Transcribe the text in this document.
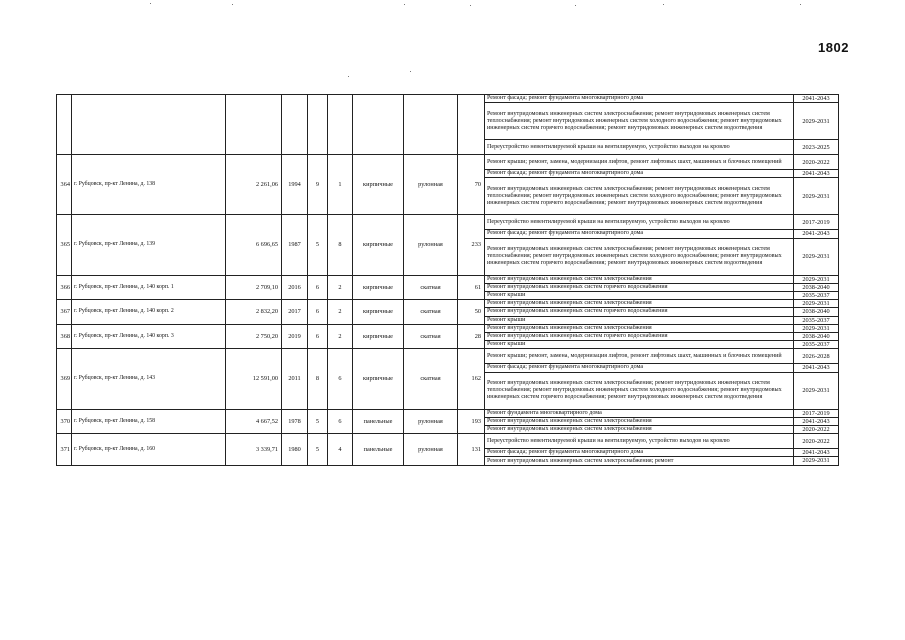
1802
									Ремонт фасада; ремонт фундамента многоквартирного дома	2041-2043
									Ремонт внутридомовых инженерных систем электроснабжения; ремонт внутридомовых инженерных систем теплоснабжения; ремонт внутридомовых инженерных систем холодного водоснабжения; ремонт внутридомовых инженерных систем горячего водоснабжения; ремонт внутридомовых инженерных систем водоотведения	2029-2031
									Переустройство невентилируемой крыши на вентилируемую, устройство выходов на кровлю	2023-2025
364	г. Рубцовск, пр-кт Ленина, д. 138	2 261,06	1994	9	1	кирпичные	рулонная	70	Ремонт крыши; ремонт, замена, модернизация лифтов, ремонт лифтовых шахт, машинных и блочных помещений	2020-2022
									Ремонт фасада; ремонт фундамента многоквартирного дома	2041-2043
									Ремонт внутридомовых инженерных систем электроснабжения; ремонт внутридомовых инженерных систем теплоснабжения; ремонт внутридомовых инженерных систем холодного водоснабжения; ремонт внутридомовых инженерных систем горячего водоснабжения; ремонт внутридомовых инженерных систем водоотведения	2029-2031
365	г. Рубцовск, пр-кт Ленина, д. 139	6 696,65	1987	5	8	кирпичные	рулонная	233	Переустройство невентилируемой крыши на вентилируемую, устройство выходов на кровлю	2017-2019
									Ремонт фасада; ремонт фундамента многоквартирного дома	2041-2043
									Ремонт внутридомовых инженерных систем электроснабжения; ремонт внутридомовых инженерных систем теплоснабжения; ремонт внутридомовых инженерных систем холодного водоснабжения; ремонт внутридомовых инженерных систем горячего водоснабжения; ремонт внутридомовых инженерных систем водоотведения	2029-2031
366	г. Рубцовск, пр-кт Ленина, д. 140 корп. 1	2 709,10	2016	6	2	кирпичные	скатная	61	Ремонт внутридомовых инженерных систем электроснабжения	2029-2031
									Ремонт внутридомовых инженерных систем горячего водоснабжения	2038-2040
									Ремонт крыши	2035-2037
367	г. Рубцовск, пр-кт Ленина, д. 140 корп. 2	2 832,20	2017	6	2	кирпичные	скатная	50	Ремонт внутридомовых инженерных систем электроснабжения	2029-2031
									Ремонт внутридомовых инженерных систем горячего водоснабжения	2038-2040
									Ремонт крыши	2035-2037
368	г. Рубцовск, пр-кт Ленина, д. 140 корп. 3	2 750,20	2019	6	2	кирпичные	скатная	28	Ремонт внутридомовых инженерных систем электроснабжения	2029-2031
									Ремонт внутридомовых инженерных систем горячего водоснабжения	2038-2040
									Ремонт крыши	2035-2037
369	г. Рубцовск, пр-кт Ленина, д. 143	12 591,00	2011	8	6	кирпичные	скатная	162	Ремонт крыши; ремонт, замена, модернизация лифтов, ремонт лифтовых шахт, машинных и блочных помещений	2026-2028
									Ремонт фасада; ремонт фундамента многоквартирного дома	2041-2043
									Ремонт внутридомовых инженерных систем электроснабжения; ремонт внутридомовых инженерных систем теплоснабжения; ремонт внутридомовых инженерных систем холодного водоснабжения; ремонт внутридомовых инженерных систем горячего водоснабжения; ремонт внутридомовых инженерных систем водоотведения	2029-2031
370	г. Рубцовск, пр-кт Ленина, д. 158	4 667,52	1978	5	6	панельные	рулонная	193	Ремонт фундамента многоквартирного дома	2017-2019
									Ремонт внутридомовых инженерных систем электроснабжения	2041-2043
									Ремонт внутридомовых инженерных систем электроснабжения	2020-2022
371	г. Рубцовск, пр-кт Ленина, д. 160	3 339,71	1980	5	4	панельные	рулонная	131	Переустройство невентилируемой крыши на вентилируемую, устройство выходов на кровлю	2020-2022
									Ремонт фасада; ремонт фундамента многоквартирного дома	2041-2043
									Ремонт внутридомовых инженерных систем электроснабжения; ремонт	2029-2031
